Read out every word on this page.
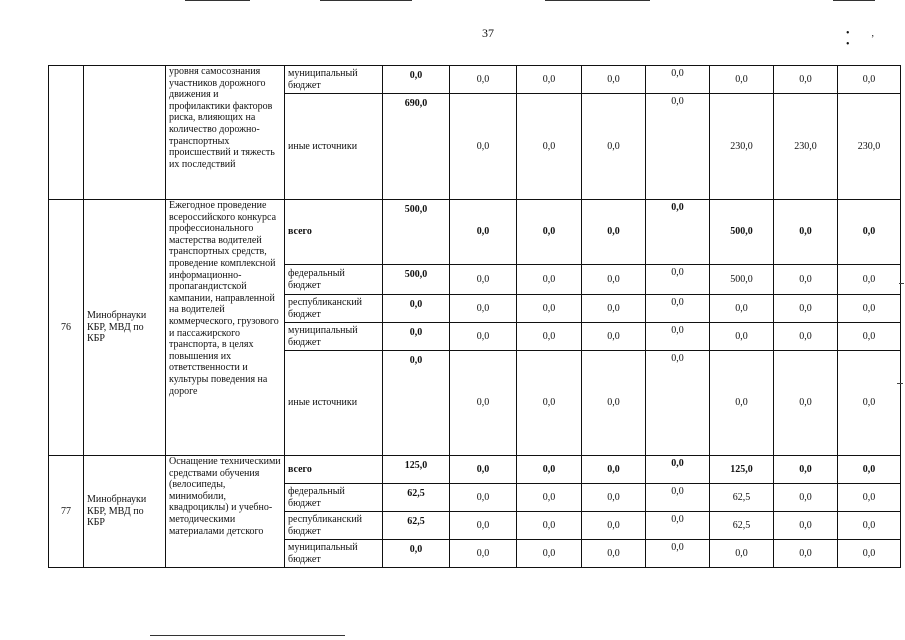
37	•, •
		уровня самосознания участников дорожного движения и профилактики факторов риска, влияющих на количество дорожно-транспортных происшествий и тяжесть их последствий	муниципальный бюджет	0,0	0,0	0,0	0,0	0,0	0,0	0,0	0,0
			иные источники	690,0	0,0	0,0	0,0	0,0	230,0	230,0	230,0
76	Минобрнауки КБР, МВД по КБР	Ежегодное проведение всероссийского конкурса профессионального мастерства водителей транспортных средств, проведение комплексной информационно-пропагандистской кампании, направленной на водителей коммерческого, грузового и пассажирского транспорта, в целях повышения их ответственности и культуры поведения на дороге	всего	500,0	0,0	0,0	0,0	0,0	500,0	0,0	0,0
			федеральный бюджет	500,0	0,0	0,0	0,0	0,0	500,0	0,0	0,0
			республиканский бюджет	0,0	0,0	0,0	0,0	0,0	0,0	0,0	0,0
			муниципальный бюджет	0,0	0,0	0,0	0,0	0,0	0,0	0,0	0,0
			иные источники	0,0	0,0	0,0	0,0	0,0	0,0	0,0	0,0
77	Минобрнауки КБР, МВД по КБР	Оснащение техническими средствами обучения (велосипеды, минимобили, квадроциклы) и учебно-методическими материалами детского	всего	125,0	0,0	0,0	0,0	0,0	125,0	0,0	0,0
			федеральный бюджет	62,5	0,0	0,0	0,0	0,0	62,5	0,0	0,0
			республиканский бюджет	62,5	0,0	0,0	0,0	0,0	62,5	0,0	0,0
			муниципальный бюджет	0,0	0,0	0,0	0,0	0,0	0,0	0,0	0,0
